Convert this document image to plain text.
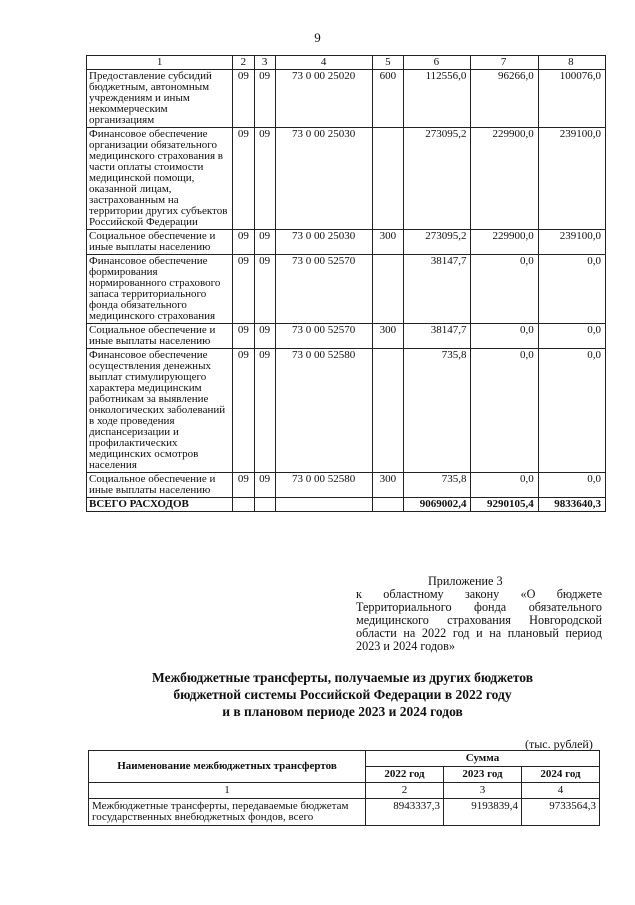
9
1	2	3	4	5	6	7	8
Предоставление субсидий бюджетным, автономным учреждениям и иным некоммерческим организациям	09	09	73 0 00 25020	600	112556,0	96266,0	100076,0
Финансовое обеспечение организации обязательного медицинского страхования в части оплаты стоимости медицинской помощи, оказанной лицам, застрахованным на территории других субъектов Российской Федерации	09	09	73 0 00 25030		273095,2	229900,0	239100,0
Социальное обеспечение и иные выплаты населению	09	09	73 0 00 25030	300	273095,2	229900,0	239100,0
Финансовое обеспечение формирования нормированного страхового запаса территориального фонда обязательного медицинского страхования	09	09	73 0 00 52570		38147,7	0,0	0,0
Социальное обеспечение и иные выплаты населению	09	09	73 0 00 52570	300	38147,7	0,0	0,0
Финансовое обеспечение осуществления денежных выплат стимулирующего характера медицинским работникам за выявление онкологических заболеваний в ходе проведения диспансеризации и профилактических медицинских осмотров населения	09	09	73 0 00 52580		735,8	0,0	0,0
Социальное обеспечение и иные выплаты населению	09	09	73 0 00 52580	300	735,8	0,0	0,0
ВСЕГО РАСХОДОВ					9069002,4	9290105,4	9833640,3
Приложение 3
к областному закону «О бюджете Территориального фонда обязательного медицинского страхования Новгородской области на 2022 год и на плановый период 2023 и 2024 годов»
Межбюджетные трансферты, получаемые из других бюджетов
бюджетной системы Российской Федерации в 2022 году
и в плановом периоде 2023 и 2024 годов
(тыс. рублей)
Наименование межбюджетных трансфертов	Сумма		
	2022 год	2023 год	2024 год
1	2	3	4
Межбюджетные трансферты, передаваемые бюджетам государственных внебюджетных фондов, всего	8943337,3	9193839,4	9733564,3
